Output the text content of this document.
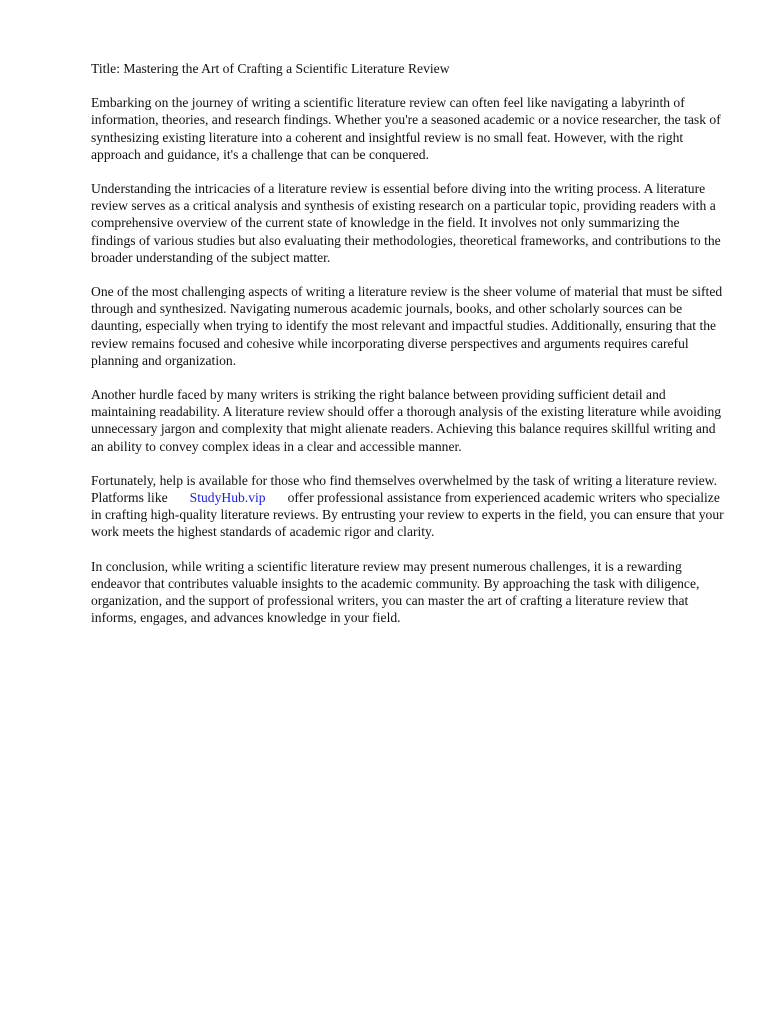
Title: Mastering the Art of Crafting a Scientific Literature Review

Embarking on the journey of writing a scientific literature review can often feel like navigating a labyrinth of information, theories, and research findings. Whether you're a seasoned academic or a novice researcher, the task of synthesizing existing literature into a coherent and insightful review is no small feat. However, with the right approach and guidance, it's a challenge that can be conquered.

Understanding the intricacies of a literature review is essential before diving into the writing process. A literature review serves as a critical analysis and synthesis of existing research on a particular topic, providing readers with a comprehensive overview of the current state of knowledge in the field. It involves not only summarizing the findings of various studies but also evaluating their methodologies, theoretical frameworks, and contributions to the broader understanding of the subject matter.

One of the most challenging aspects of writing a literature review is the sheer volume of material that must be sifted through and synthesized. Navigating numerous academic journals, books, and other scholarly sources can be daunting, especially when trying to identify the most relevant and impactful studies. Additionally, ensuring that the review remains focused and cohesive while incorporating diverse perspectives and arguments requires careful planning and organization.

Another hurdle faced by many writers is striking the right balance between providing sufficient detail and maintaining readability. A literature review should offer a thorough analysis of the existing literature while avoiding unnecessary jargon and complexity that might alienate readers. Achieving this balance requires skillful writing and an ability to convey complex ideas in a clear and accessible manner.

Fortunately, help is available for those who find themselves overwhelmed by the task of writing a literature review. Platforms like StudyHub.vip offer professional assistance from experienced academic writers who specialize in crafting high-quality literature reviews. By entrusting your review to experts in the field, you can ensure that your work meets the highest standards of academic rigor and clarity.

In conclusion, while writing a scientific literature review may present numerous challenges, it is a rewarding endeavor that contributes valuable insights to the academic community. By approaching the task with diligence, organization, and the support of professional writers, you can master the art of crafting a literature review that informs, engages, and advances knowledge in your field.
